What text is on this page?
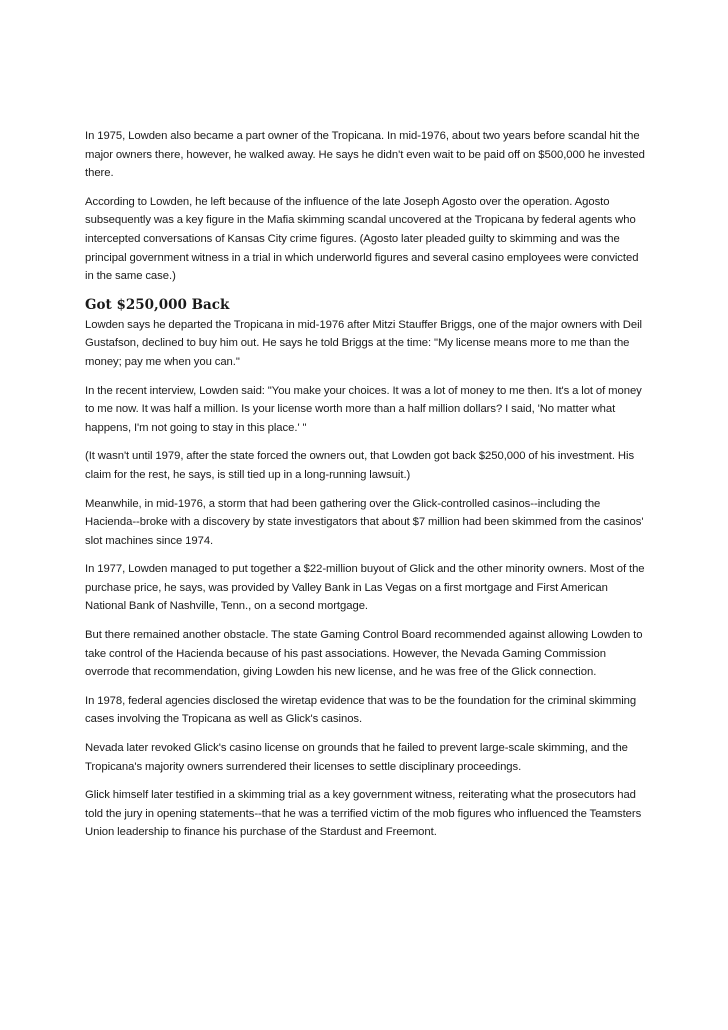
In 1975, Lowden also became a part owner of the Tropicana. In mid-1976, about two years before scandal hit the major owners there, however, he walked away. He says he didn't even wait to be paid off on $500,000 he invested there.

According to Lowden, he left because of the influence of the late Joseph Agosto over the operation. Agosto subsequently was a key figure in the Mafia skimming scandal uncovered at the Tropicana by federal agents who intercepted conversations of Kansas City crime figures. (Agosto later pleaded guilty to skimming and was the principal government witness in a trial in which underworld figures and several casino employees were convicted in the same case.)

Got $250,000 Back

Lowden says he departed the Tropicana in mid-1976 after Mitzi Stauffer Briggs, one of the major owners with Deil Gustafson, declined to buy him out. He says he told Briggs at the time: "My license means more to me than the money; pay me when you can."

In the recent interview, Lowden said: "You make your choices. It was a lot of money to me then. It's a lot of money to me now. It was half a million. Is your license worth more than a half million dollars? I said, 'No matter what happens, I'm not going to stay in this place.' "

(It wasn't until 1979, after the state forced the owners out, that Lowden got back $250,000 of his investment. His claim for the rest, he says, is still tied up in a long-running lawsuit.)

Meanwhile, in mid-1976, a storm that had been gathering over the Glick-controlled casinos--including the Hacienda--broke with a discovery by state investigators that about $7 million had been skimmed from the casinos' slot machines since 1974.

In 1977, Lowden managed to put together a $22-million buyout of Glick and the other minority owners. Most of the purchase price, he says, was provided by Valley Bank in Las Vegas on a first mortgage and First American National Bank of Nashville, Tenn., on a second mortgage.

But there remained another obstacle. The state Gaming Control Board recommended against allowing Lowden to take control of the Hacienda because of his past associations. However, the Nevada Gaming Commission overrode that recommendation, giving Lowden his new license, and he was free of the Glick connection.

In 1978, federal agencies disclosed the wiretap evidence that was to be the foundation for the criminal skimming cases involving the Tropicana as well as Glick's casinos.

Nevada later revoked Glick's casino license on grounds that he failed to prevent large-scale skimming, and the Tropicana's majority owners surrendered their licenses to settle disciplinary proceedings.

Glick himself later testified in a skimming trial as a key government witness, reiterating what the prosecutors had told the jury in opening statements--that he was a terrified victim of the mob figures who influenced the Teamsters Union leadership to finance his purchase of the Stardust and Freemont.
